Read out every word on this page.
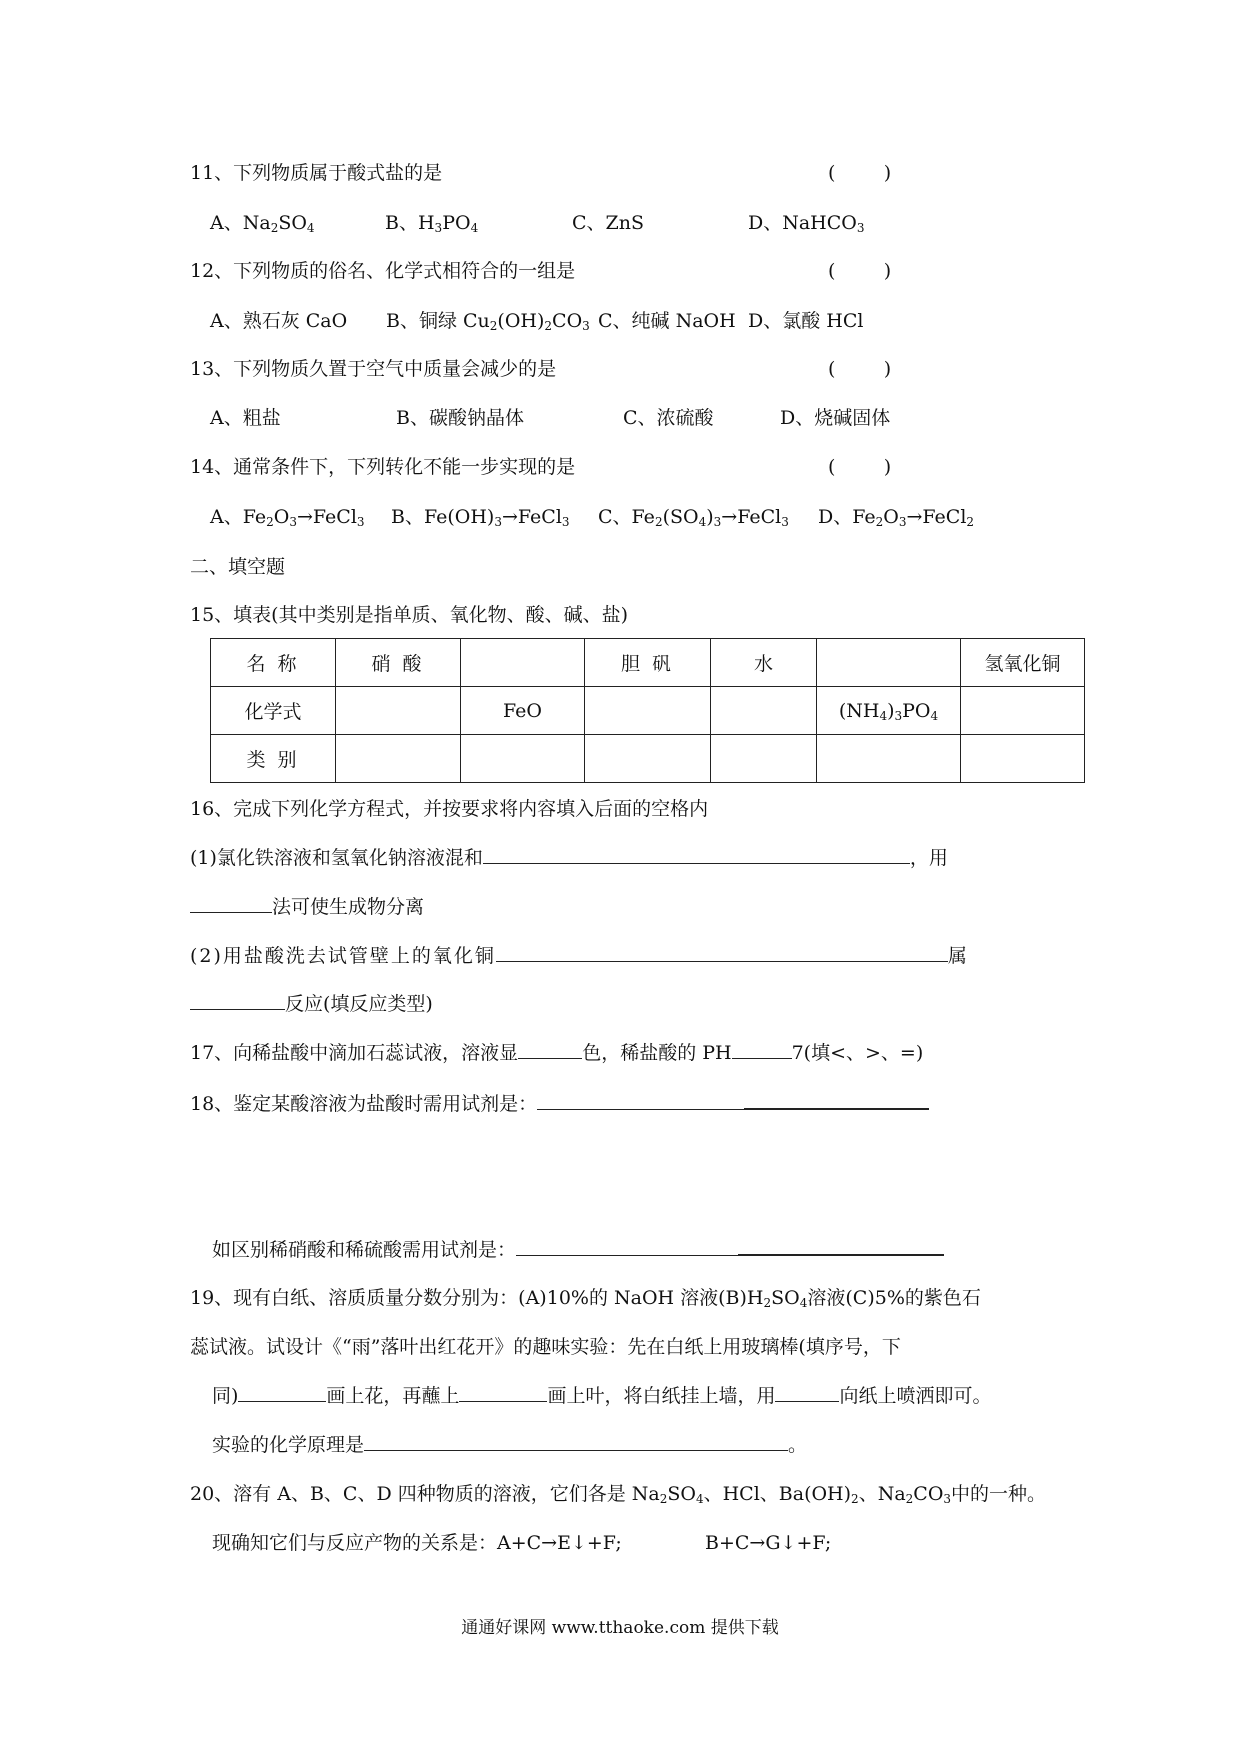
11、下列物质属于酸式盐的是	(        )
A、$Na_2SO_4$	B、$H_3PO_4$	C、ZnS	D、NaHCO$_3$
12、下列物质的俗名、化学式相符合的一组是	(        )
A、熟石灰 CaO B、铜绿 $Cu_2(OH)_2CO_3$ C、纯碱 NaOH D、氯酸 HCl
13、下列物质久置于空气中质量会减少的是	(        )
A、粗盐	B、碳酸钠晶体	C、浓硫酸	D、烧碱固体
14、通常条件下，下列转化不能一步实现的是	(        )
A、$Fe_2O_3\to FeCl_3$ B、$Fe(OH)_3\to FeCl_3$ C、$Fe_2(SO_4)_3\to FeCl_3$ D、$Fe_2O_3\to FeCl_2$
二、填空题
15、填表(其中类别是指单质、氧化物、酸、碱、盐)
名 称	硝 酸		胆 矾	水		氢氧化铜
化学式		FeO			$(NH_4)_3PO_4$	
类 别						
16、完成下列化学方程式，并按要求将内容填入后面的空格内
(1)氯化铁溶液和氢氧化钠溶液混和	，用
法可使生成物分离
(2)用盐酸洗去试管壁上的氧化铜	属
反应(填反应类型)
17、向稀盐酸中滴加石蕊试液，溶液显	色，稀盐酸的 PH	7(填<、>、=)
18、鉴定某酸溶液为盐酸时需用试剂是：
如区别稀硝酸和稀硫酸需用试剂是：
19、现有白纸、溶质质量分数分别为：(A)10%的 NaOH 溶液$(B)H_2SO_4$溶液(C)5%的紫色石
蕊试液。试设计《“雨”落叶出红花开》的趣味实验：先在白纸上用玻璃棒(填序号，下
同)	画上花，再蘸上	画上叶，将白纸挂上墙，用	向纸上喷洒即可。
实验的化学原理是	。
20、溶有 A、B、C、D 四种物质的溶液，它们各是 $Na_2SO_4$、HCl、$Ba(OH)_2$、$Na_2CO_3$中的一种。
现确知它们与反应产物的关系是：A+C→E↓+F;	B+C→G↓+F;
通通好课网 www.tthaoke.com 提供下载
